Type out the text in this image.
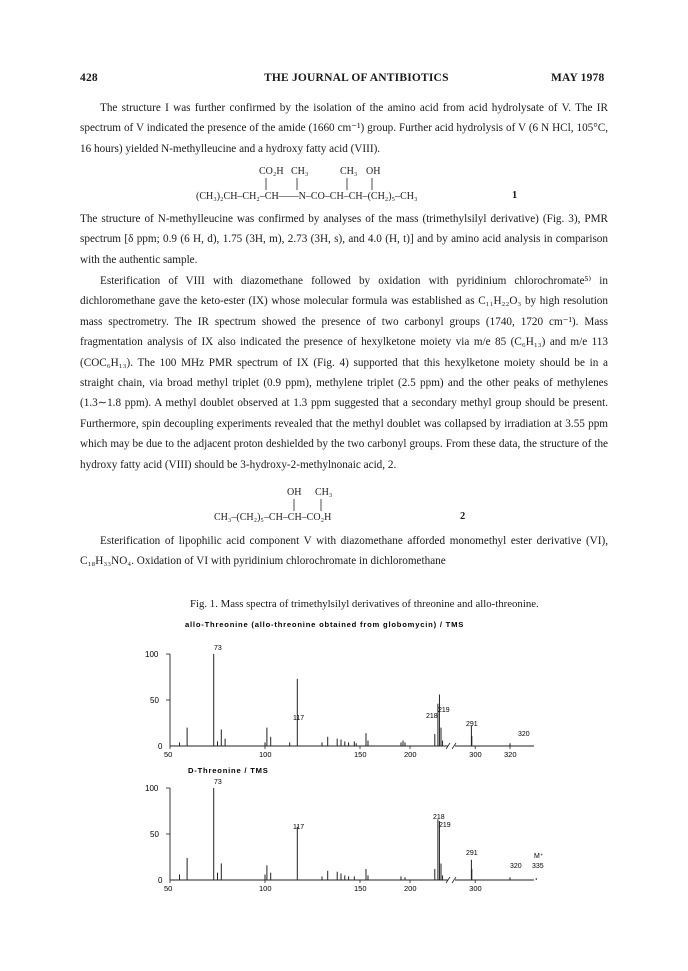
428	THE JOURNAL OF ANTIBIOTICS	MAY 1978

The structure I was further confirmed by the isolation of the amino acid from acid hydrolysate of V. The IR spectrum of V indicated the presence of the amide (1660 cm⁻¹) group. Further acid hydrolysis of V (6 N HCl, 105°C, 16 hours) yielded N-methylleucine and a hydroxy fatty acid (VIII).

CO₂H CH₃	CH₃ OH
(CH₃)₂CH–CH₂–CH——N–CO–CH–CH–(CH₂)₅–CH₃	1

The structure of N-methylleucine was confirmed by analyses of the mass (trimethylsilyl derivative) (Fig. 3), PMR spectrum [δ ppm; 0.9 (6 H, d), 1.75 (3H, m), 2.73 (3H, s), and 4.0 (H, t)] and by amino acid analysis in comparison with the authentic sample.

Esterification of VIII with diazomethane followed by oxidation with pyridinium chlorochromate⁵⁾ in dichloromethane gave the keto-ester (IX) whose molecular formula was established as C₁₁H₂₂O₃ by high resolution mass spectrometry. The IR spectrum showed the presence of two carbonyl groups (1740, 1720 cm⁻¹). Mass fragmentation analysis of IX also indicated the presence of hexylketone moiety via m/e 85 (C₆H₁₃) and m/e 113 (COC₆H₁₃). The 100 MHz PMR spectrum of IX (Fig. 4) supported that this hexylketone moiety should be in a straight chain, via broad methyl triplet (0.9 ppm), methylene triplet (2.5 ppm) and the other peaks of methylenes (1.3∼1.8 ppm). A methyl doublet observed at 1.3 ppm suggested that a secondary methyl group should be present. Furthermore, spin decoupling experiments revealed that the methyl doublet was collapsed by irradiation at 3.55 ppm which may be due to the adjacent proton deshielded by the two carbonyl groups. From these data, the structure of the hydroxy fatty acid (VIII) should be 3-hydroxy-2-methylnonaic acid, 2.

OH CH₃
CH₃–(CH₂)₅–CH–CH–CO₂H	2

Esterification of lipophilic acid component V with diazomethane afforded monomethyl ester derivative (VI), C₁₈H₃₃NO₄. Oxidation of VI with pyridinium chlorochromate in dichloromethane

Fig. 1. Mass spectra of trimethylsilyl derivatives of threonine and allo-threonine.
allo-Threonine (allo-threonine obtained from globomycin) / TMS
100
50
0
50	100	150	200	300	320
73
117	218
219
291
320
D-Threonine / TMS
100
50
0
50	100	150	200	300
73
117
218
219
291
320 335
M⁺
